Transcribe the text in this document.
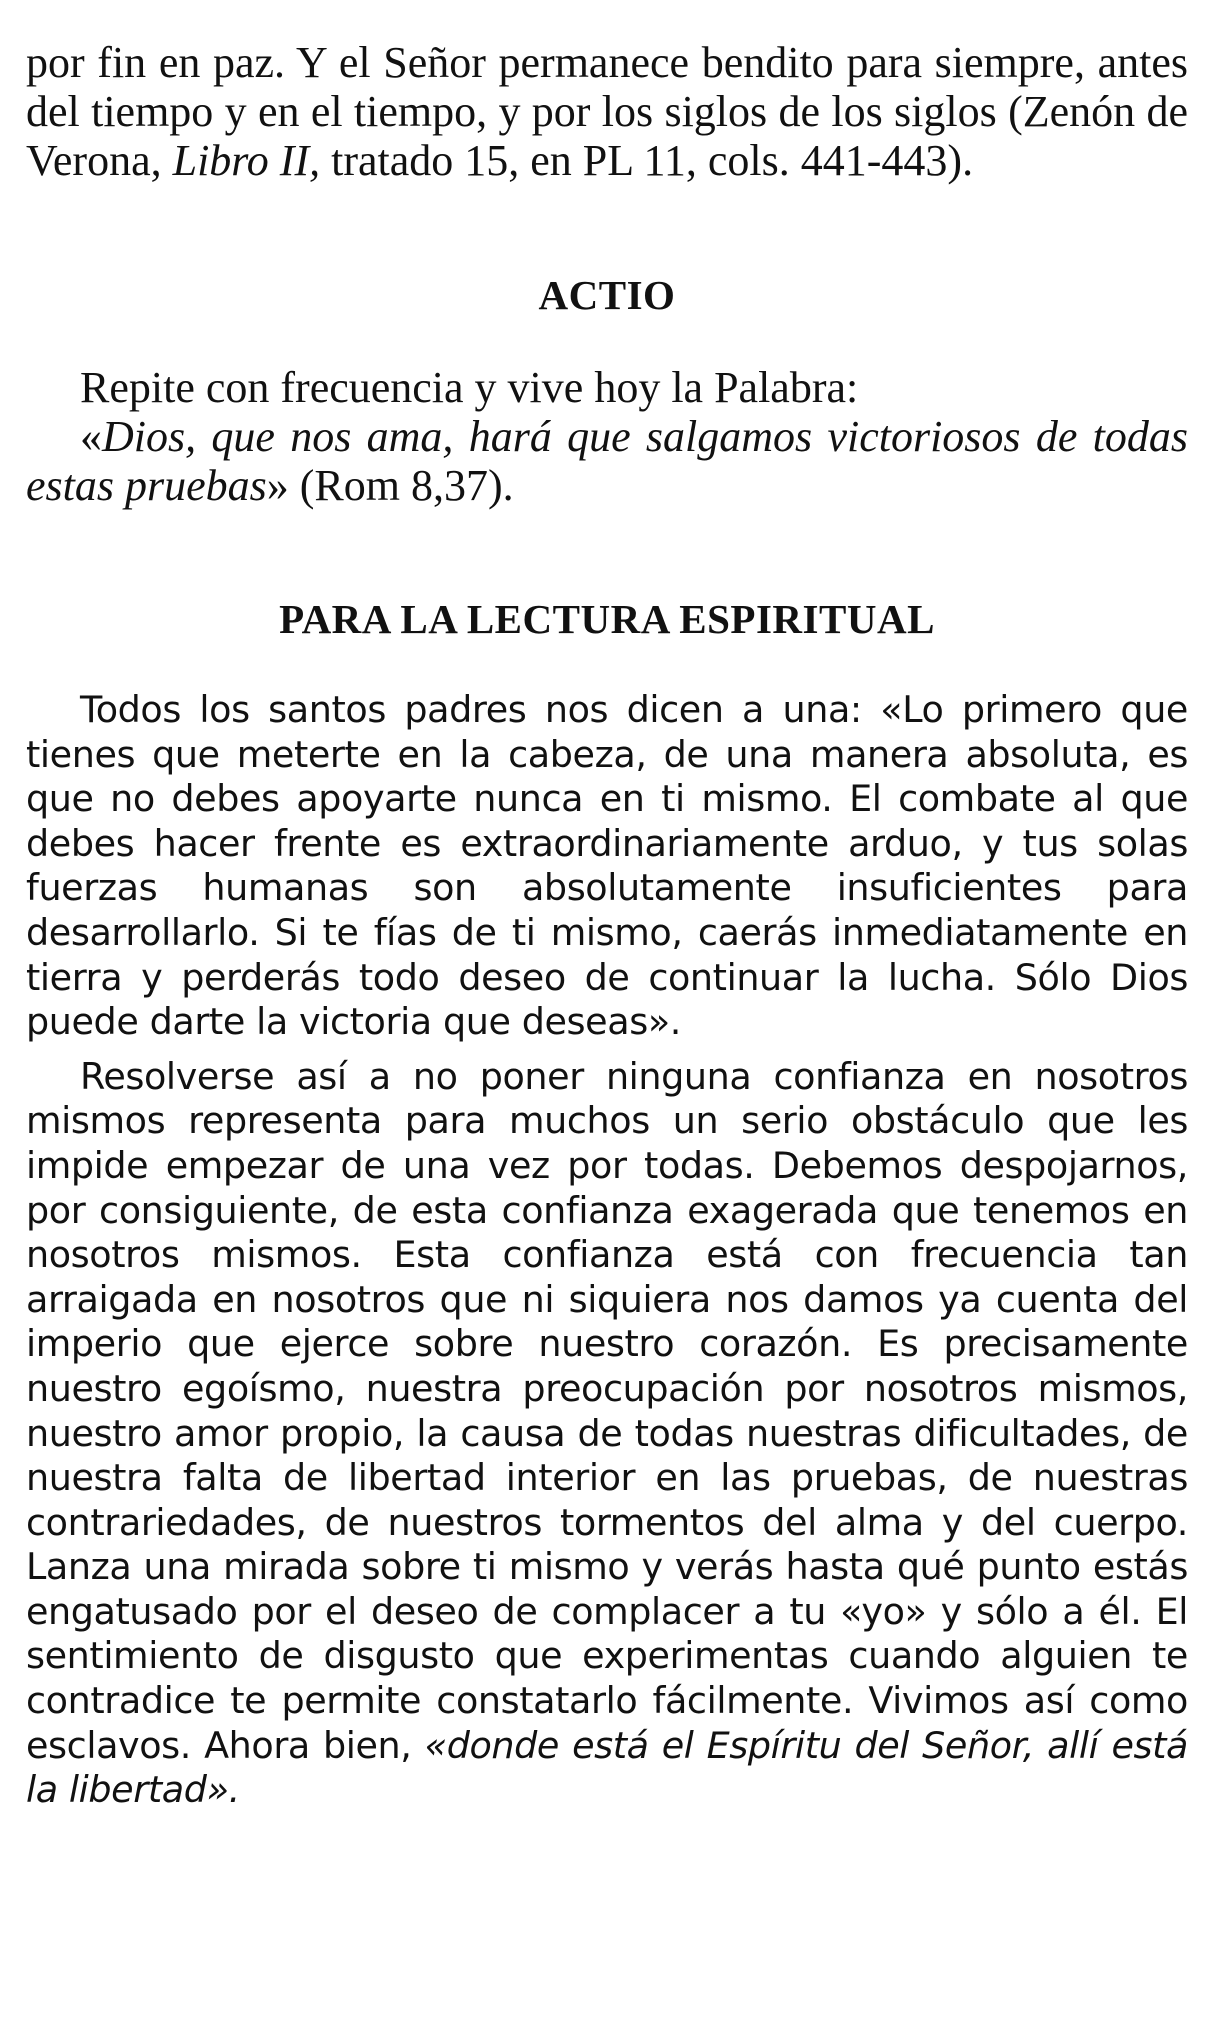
por fin en paz. Y el Señor permanece bendito para siempre, antes del tiempo y en el tiempo, y por los siglos de los siglos (Zenón de Verona, Libro II, tratado 15, en PL 11, cols. 441-443).

ACTIO

Repite con frecuencia y vive hoy la Palabra:

«Dios, que nos ama, hará que salgamos victoriosos de todas estas pruebas» (Rom 8,37).

PARA LA LECTURA ESPIRITUAL

Todos los santos padres nos dicen a una: «Lo primero que tienes que meterte en la cabeza, de una manera absoluta, es que no debes apoyarte nunca en ti mismo. El combate al que debes hacer frente es extraordinariamente arduo, y tus solas fuerzas humanas son absolutamente insuficientes para desarrollarlo. Si te fías de ti mismo, caerás inmediatamente en tierra y perderás todo deseo de continuar la lucha. Sólo Dios puede darte la victoria que deseas».

Resolverse así a no poner ninguna confianza en nosotros mismos representa para muchos un serio obstáculo que les impide empezar de una vez por todas. Debemos despojarnos, por consiguiente, de esta confianza exagerada que tenemos en nosotros mismos. Esta confianza está con frecuencia tan arraigada en nosotros que ni siquiera nos damos ya cuenta del imperio que ejerce sobre nuestro corazón. Es precisamente nuestro egoísmo, nuestra preocupación por nosotros mismos, nuestro amor propio, la causa de todas nuestras dificultades, de nuestra falta de libertad interior en las pruebas, de nuestras contrariedades, de nuestros tormentos del alma y del cuerpo. Lanza una mirada sobre ti mismo y verás hasta qué punto estás engatusado por el deseo de complacer a tu «yo» y sólo a él. El sentimiento de disgusto que experimentas cuando alguien te contradice te permite constatarlo fácilmente. Vivimos así como esclavos. Ahora bien, «donde está el Espíritu del Señor, allí está la libertad».
